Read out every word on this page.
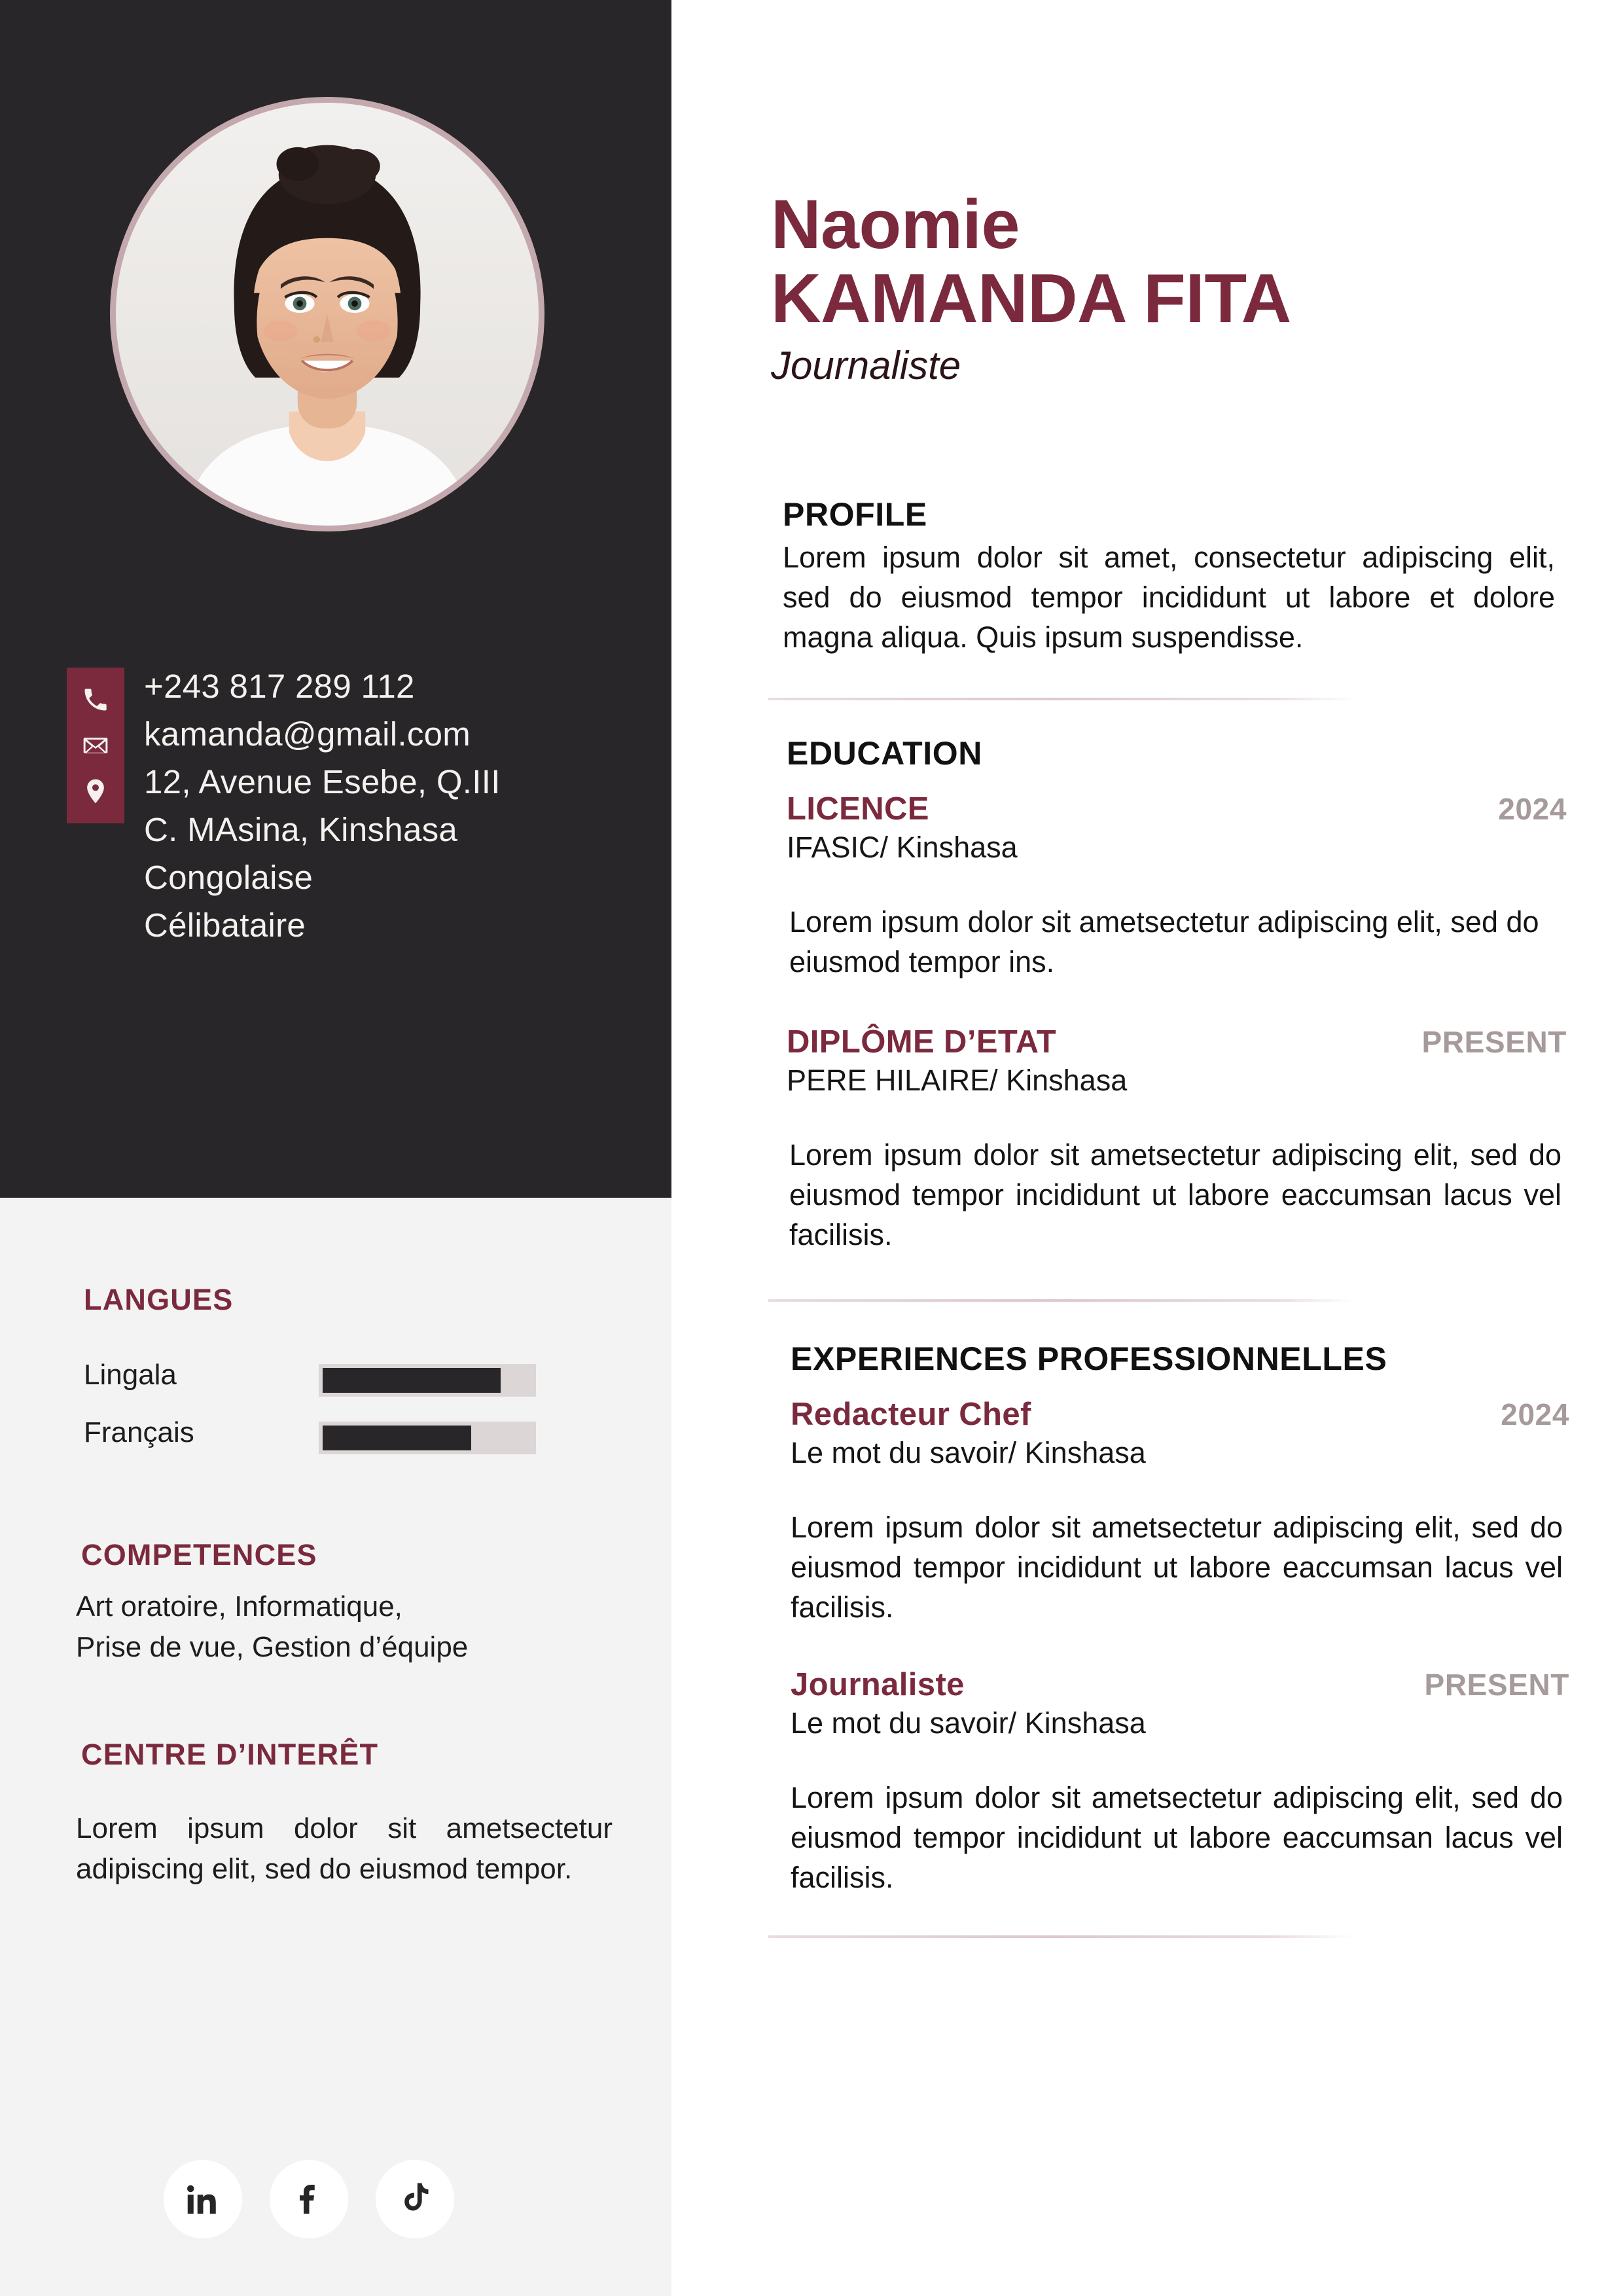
+243 817 289 112
kamanda@gmail.com
12, Avenue Esebe, Q.III
C. MAsina, Kinshasa
Congolaise
Célibataire
LANGUES
Lingala
Français
COMPETENCES
Art oratoire, Informatique,
Prise de vue, Gestion d’équipe
CENTRE D’INTERÊT
Lorem ipsum dolor sit ametsectetur adipiscing elit, sed do eiusmod tempor.
Naomie
KAMANDA FITA
Journaliste
PROFILE
Lorem ipsum dolor sit amet, consectetur adipiscing elit, sed do eiusmod tempor incididunt ut labore et dolore magna aliqua. Quis ipsum suspendisse.
EDUCATION
LICENCE	2024
IFASIC/ Kinshasa
Lorem ipsum dolor sit ametsectetur adipiscing elit, sed do eiusmod tempor ins.
DIPLÔME D’ETAT	PRESENT
PERE HILAIRE/ Kinshasa
Lorem ipsum dolor sit ametsectetur adipiscing elit, sed do eiusmod tempor incididunt ut labore eaccumsan lacus vel facilisis.
EXPERIENCES PROFESSIONNELLES
Redacteur Chef	2024
Le mot du savoir/ Kinshasa
Lorem ipsum dolor sit ametsectetur adipiscing elit, sed do eiusmod tempor incididunt ut labore eaccumsan lacus vel facilisis.
Journaliste	PRESENT
Le mot du savoir/ Kinshasa
Lorem ipsum dolor sit ametsectetur adipiscing elit, sed do eiusmod tempor incididunt ut labore eaccumsan lacus vel facilisis.
